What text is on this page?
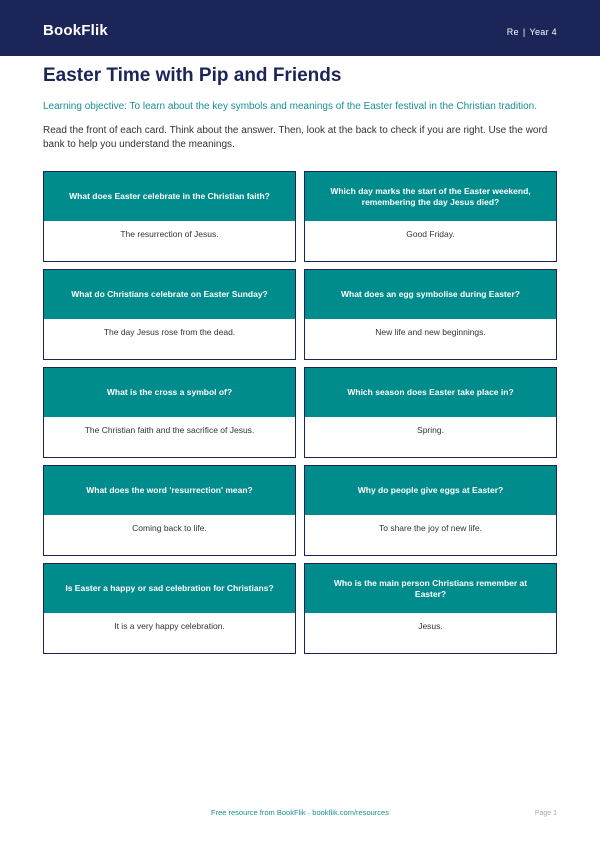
BookFlik	Re | Year 4
Easter Time with Pip and Friends

Learning objective: To learn about the key symbols and meanings of the Easter festival in the Christian tradition.

Read the front of each card. Think about the answer. Then, look at the back to check if you are right. Use the word bank to help you understand the meanings.

What does Easter celebrate in the Christian faith?
The resurrection of Jesus.
Which day marks the start of the Easter weekend, remembering the day Jesus died?
Good Friday.
What do Christians celebrate on Easter Sunday?
The day Jesus rose from the dead.
What does an egg symbolise during Easter?
New life and new beginnings.
What is the cross a symbol of?
The Christian faith and the sacrifice of Jesus.
Which season does Easter take place in?
Spring.
What does the word 'resurrection' mean?
Coming back to life.
Why do people give eggs at Easter?
To share the joy of new life.
Is Easter a happy or sad celebration for Christians?
It is a very happy celebration.
Who is the main person Christians remember at Easter?
Jesus.
Free resource from BookFlik · bookflik.com/resources	Page 1
